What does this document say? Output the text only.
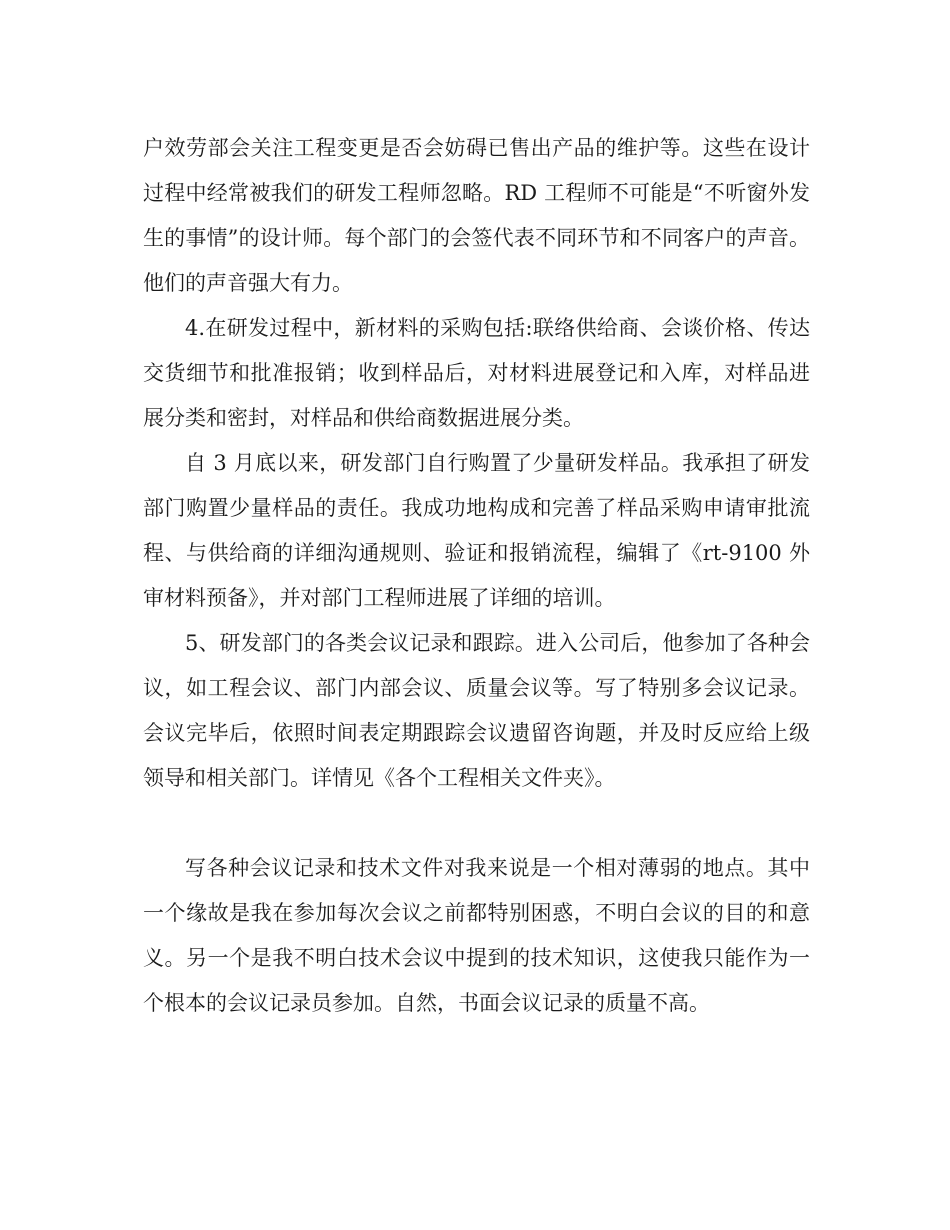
户效劳部会关注工程变更是否会妨碍已售出产品的维护等。这些在设计过程中经常被我们的研发工程师忽略。RD 工程师不可能是“不听窗外发生的事情”的设计师。每个部门的会签代表不同环节和不同客户的声音。他们的声音强大有力。

4.在研发过程中，新材料的采购包括:联络供给商、会谈价格、传达交货细节和批准报销；收到样品后，对材料进展登记和入库，对样品进展分类和密封，对样品和供给商数据进展分类。

自 3 月底以来，研发部门自行购置了少量研发样品。我承担了研发部门购置少量样品的责任。我成功地构成和完善了样品采购申请审批流程、与供给商的详细沟通规则、验证和报销流程，编辑了《rt-9100 外审材料预备》，并对部门工程师进展了详细的培训。

5、研发部门的各类会议记录和跟踪。进入公司后，他参加了各种会议，如工程会议、部门内部会议、质量会议等。写了特别多会议记录。会议完毕后，依照时间表定期跟踪会议遗留咨询题，并及时反应给上级领导和相关部门。详情见《各个工程相关文件夹》。

写各种会议记录和技术文件对我来说是一个相对薄弱的地点。其中一个缘故是我在参加每次会议之前都特别困惑，不明白会议的目的和意义。另一个是我不明白技术会议中提到的技术知识，这使我只能作为一个根本的会议记录员参加。自然，书面会议记录的质量不高。
